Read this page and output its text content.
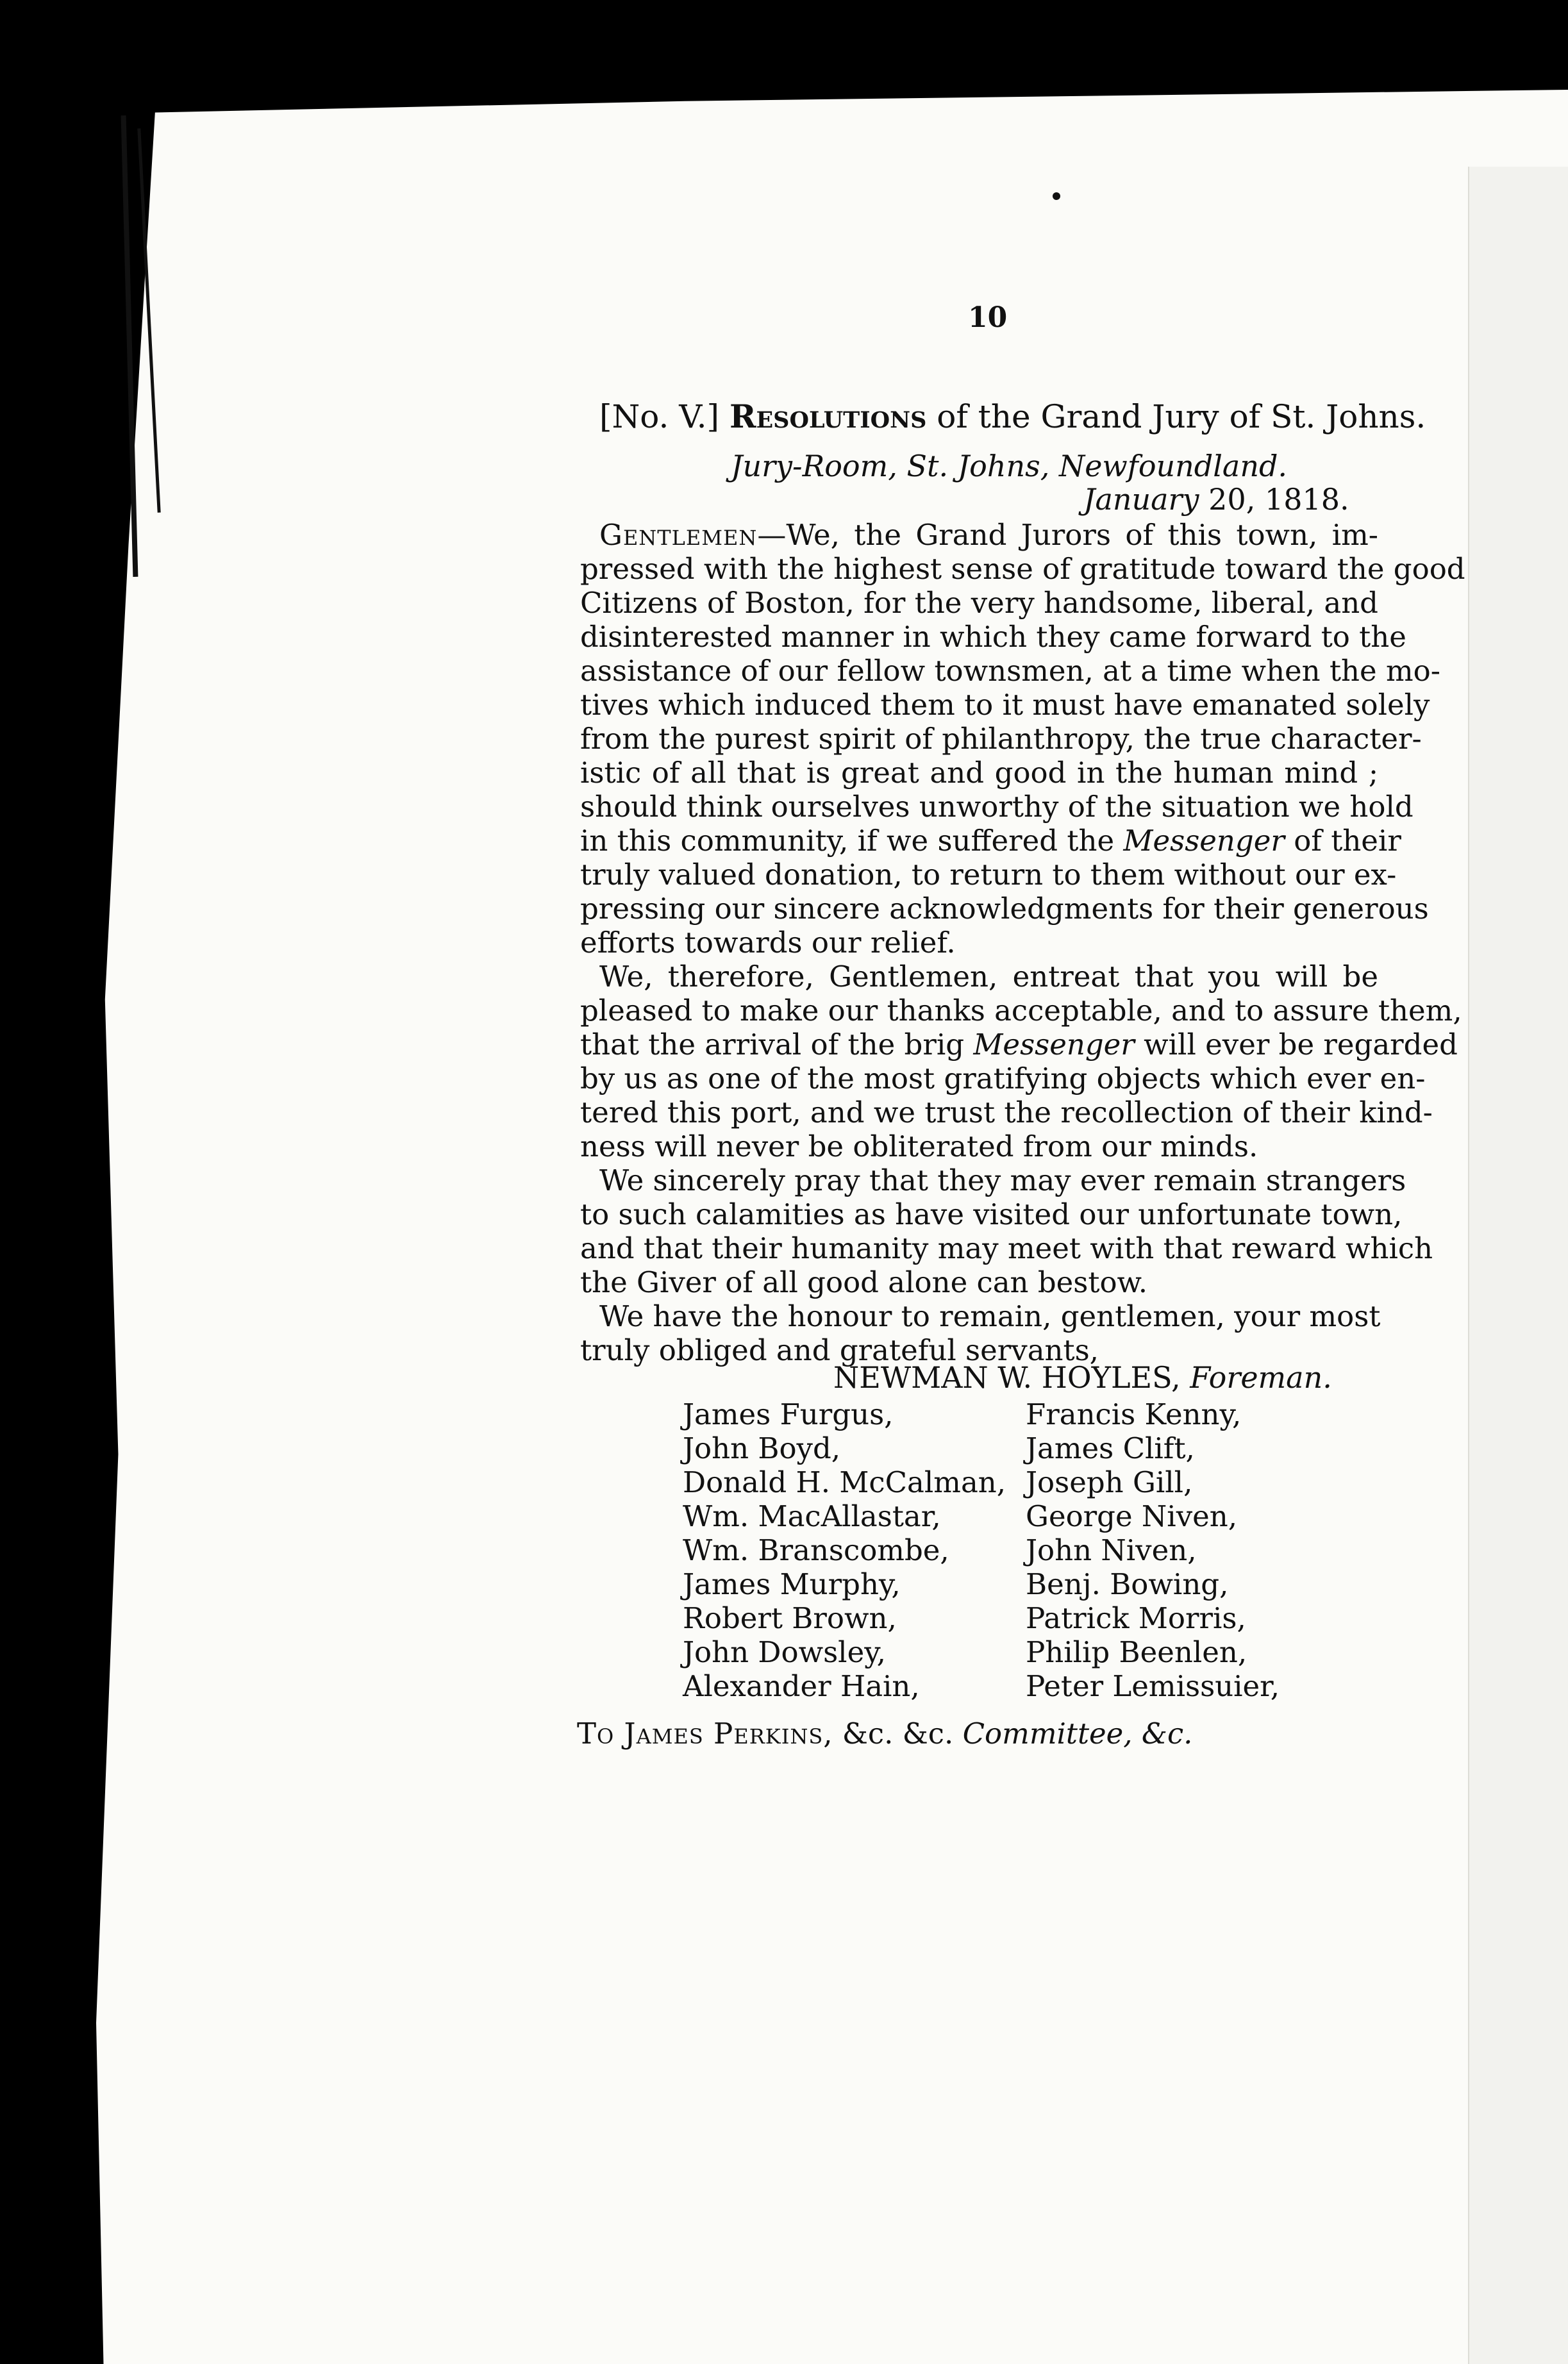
10
[No. V.] Resolutions of the Grand Jury of St. Johns.
Jury-Room, St. Johns, Newfoundland.
January 20, 1818.
Gentlemen—We, the Grand Jurors of this town, im-
pressed with the highest sense of gratitude toward the good
Citizens of Boston, for the very handsome, liberal, and
disinterested manner in which they came forward to the
assistance of our fellow townsmen, at a time when the mo-
tives which induced them to it must have emanated solely
from the purest spirit of philanthropy, the true character-
istic of all that is great and good in the human mind ;
should think ourselves unworthy of the situation we hold
in this community, if we suffered the Messenger of their
truly valued donation, to return to them without our ex-
pressing our sincere acknowledgments for their generous
efforts towards our relief.
We, therefore, Gentlemen, entreat that you will be
pleased to make our thanks acceptable, and to assure them,
that the arrival of the brig Messenger will ever be regarded
by us as one of the most gratifying objects which ever en-
tered this port, and we trust the recollection of their kind-
ness will never be obliterated from our minds.
We sincerely pray that they may ever remain strangers
to such calamities as have visited our unfortunate town,
and that their humanity may meet with that reward which
the Giver of all good alone can bestow.
We have the honour to remain, gentlemen, your most
truly obliged and grateful servants,
NEWMAN W. HOYLES, Foreman.
James Furgus,
John Boyd,
Donald H. McCalman,
Wm. MacAllastar,
Wm. Branscombe,
James Murphy,
Robert Brown,
John Dowsley,
Alexander Hain,
Francis Kenny,
James Clift,
Joseph Gill,
George Niven,
John Niven,
Benj. Bowing,
Patrick Morris,
Philip Beenlen,
Peter Lemissuier,
To James Perkins, &c. &c. Committee, &c.
